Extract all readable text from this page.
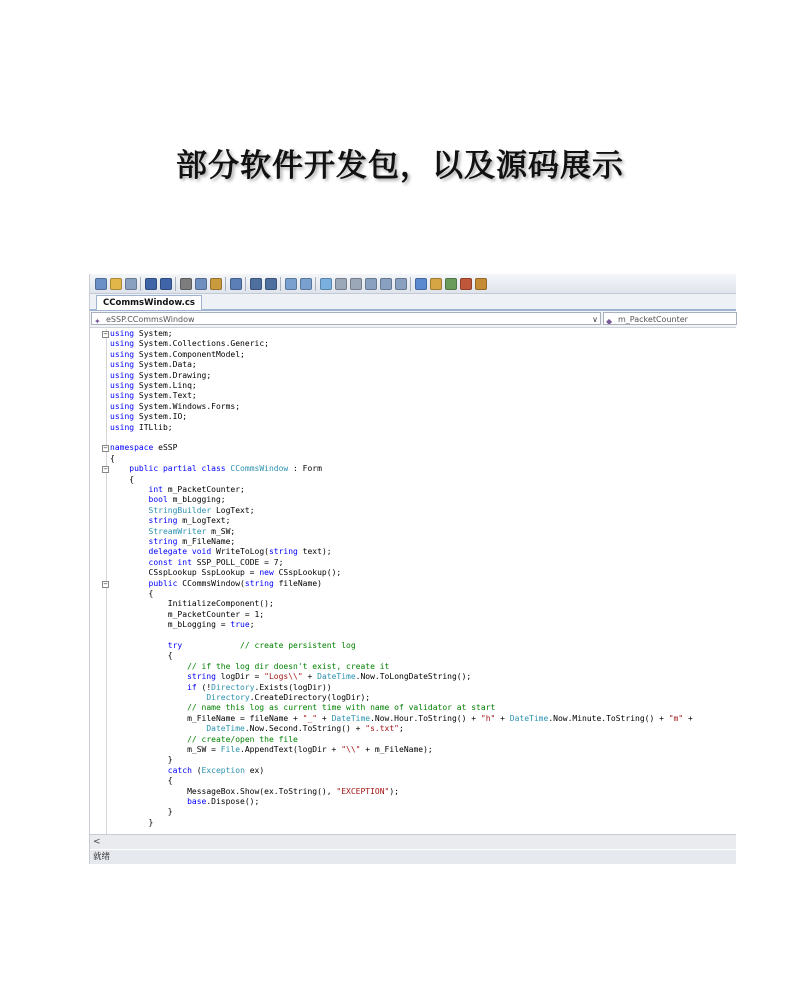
部分软件开发包，以及源码展示
CCommsWindow.cs
✦ eSSP.CCommsWindow	∨ ◆ m_PacketCounter
using System;
−
using System.Collections.Generic;
using System.ComponentModel;
using System.Data;
using System.Drawing;
using System.Linq;
using System.Text;
using System.Windows.Forms;
using System.IO;
using ITLlib;
namespace eSSP
−
{
public partial class CCommsWindow : Form
−
{
int m_PacketCounter;
bool m_bLogging;
StringBuilder LogText;
string m_LogText;
StreamWriter m_SW;
string m_FileName;
delegate void WriteToLog(string text);
const int SSP_POLL_CODE = 7;
CSspLookup SspLookup = new CSspLookup();
public CCommsWindow(string fileName)
−
{
InitializeComponent();
m_PacketCounter = 1;
m_bLogging = true;
try	// create persistent log
{
// if the log dir doesn't exist, create it
string logDir = "Logs\\" + DateTime.Now.ToLongDateString();
if (!Directory.Exists(logDir))
Directory.CreateDirectory(logDir);
// name this log as current time with name of validator at start
m_FileName = fileName + "_" + DateTime.Now.Hour.ToString() + "h" + DateTime.Now.Minute.ToString() + "m" +
DateTime.Now.Second.ToString() + "s.txt";
// create/open the file
m_SW = File.AppendText(logDir + "\\" + m_FileName);
}
catch (Exception ex)
{
MessageBox.Show(ex.ToString(), "EXCEPTION");
base.Dispose();
}
}
<
就绪
